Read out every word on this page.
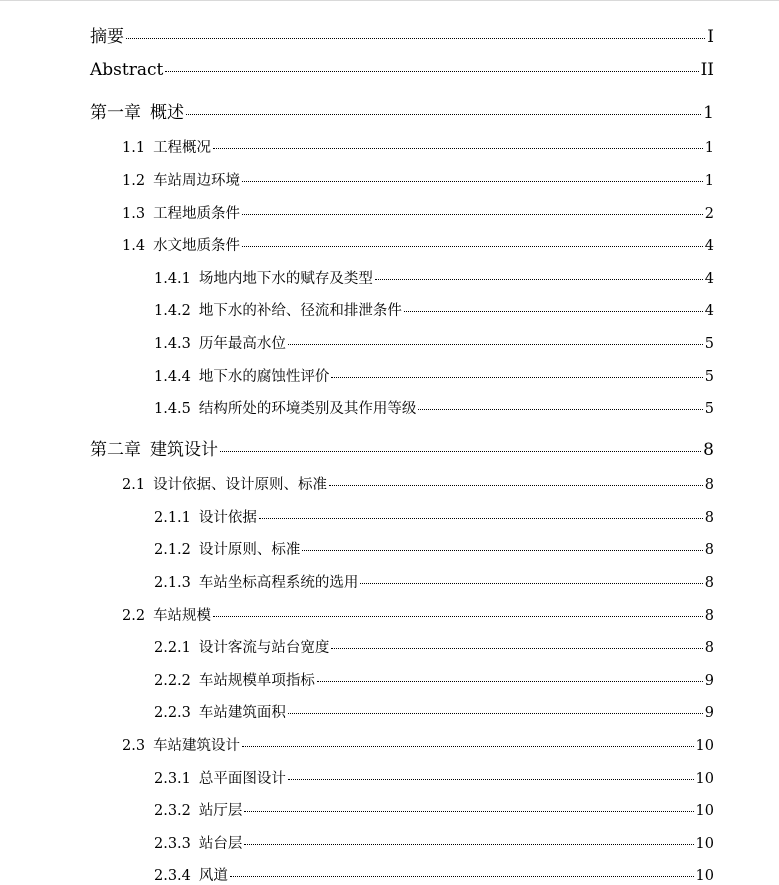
摘要	I
Abstract	II
第一章 概述	1
1.1 工程概况	1
1.2 车站周边环境	1
1.3 工程地质条件	2
1.4 水文地质条件	4
1.4.1 场地内地下水的赋存及类型	4
1.4.2 地下水的补给、径流和排泄条件	4
1.4.3 历年最高水位	5
1.4.4 地下水的腐蚀性评价	5
1.4.5 结构所处的环境类别及其作用等级	5
第二章 建筑设计	8
2.1 设计依据、设计原则、标准	8
2.1.1 设计依据	8
2.1.2 设计原则、标准	8
2.1.3 车站坐标高程系统的选用	8
2.2 车站规模	8
2.2.1 设计客流与站台宽度	8
2.2.2 车站规模单项指标	9
2.2.3 车站建筑面积	9
2.3 车站建筑设计	10
2.3.1 总平面图设计	10
2.3.2 站厅层	10
2.3.3 站台层	10
2.3.4 风道	10
